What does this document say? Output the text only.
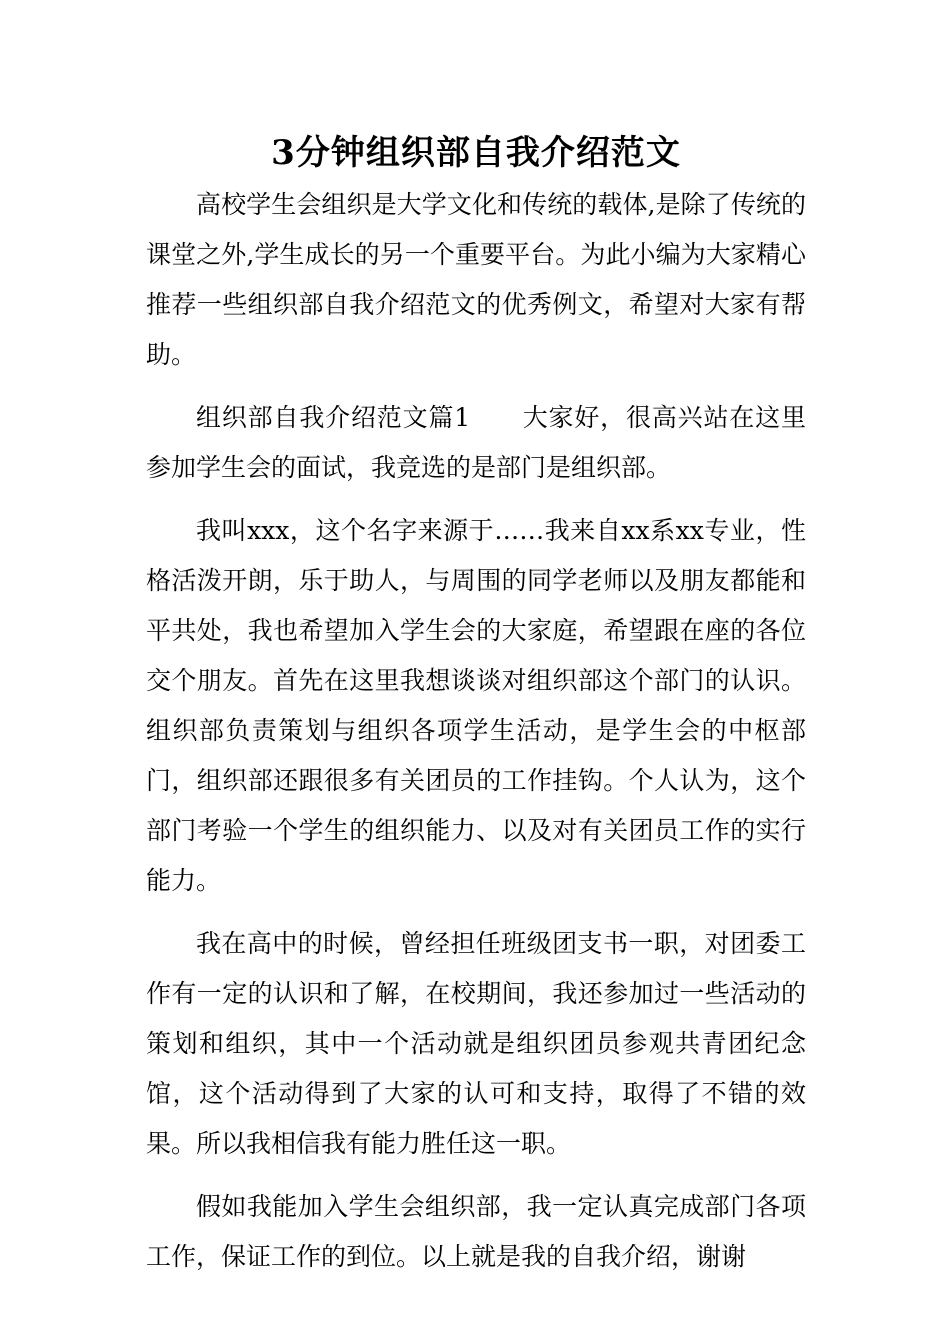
3分钟组织部自我介绍范文

高校学生会组织是大学文化和传统的载体,是除了传统的课堂之外,学生成长的另一个重要平台。为此小编为大家精心推荐一些组织部自我介绍范文的优秀例文，希望对大家有帮助。

组织部自我介绍范文篇1　　大家好，很高兴站在这里参加学生会的面试，我竞选的是部门是组织部。

我叫xxx，这个名字来源于……我来自xx系xx专业，性格活泼开朗，乐于助人，与周围的同学老师以及朋友都能和平共处，我也希望加入学生会的大家庭，希望跟在座的各位交个朋友。首先在这里我想谈谈对组织部这个部门的认识。组织部负责策划与组织各项学生活动，是学生会的中枢部门，组织部还跟很多有关团员的工作挂钩。个人认为，这个部门考验一个学生的组织能力、以及对有关团员工作的实行能力。

我在高中的时候，曾经担任班级团支书一职，对团委工作有一定的认识和了解，在校期间，我还参加过一些活动的策划和组织，其中一个活动就是组织团员参观共青团纪念馆，这个活动得到了大家的认可和支持，取得了不错的效果。所以我相信我有能力胜任这一职。

假如我能加入学生会组织部，我一定认真完成部门各项工作，保证工作的到位。以上就是我的自我介绍，谢谢
